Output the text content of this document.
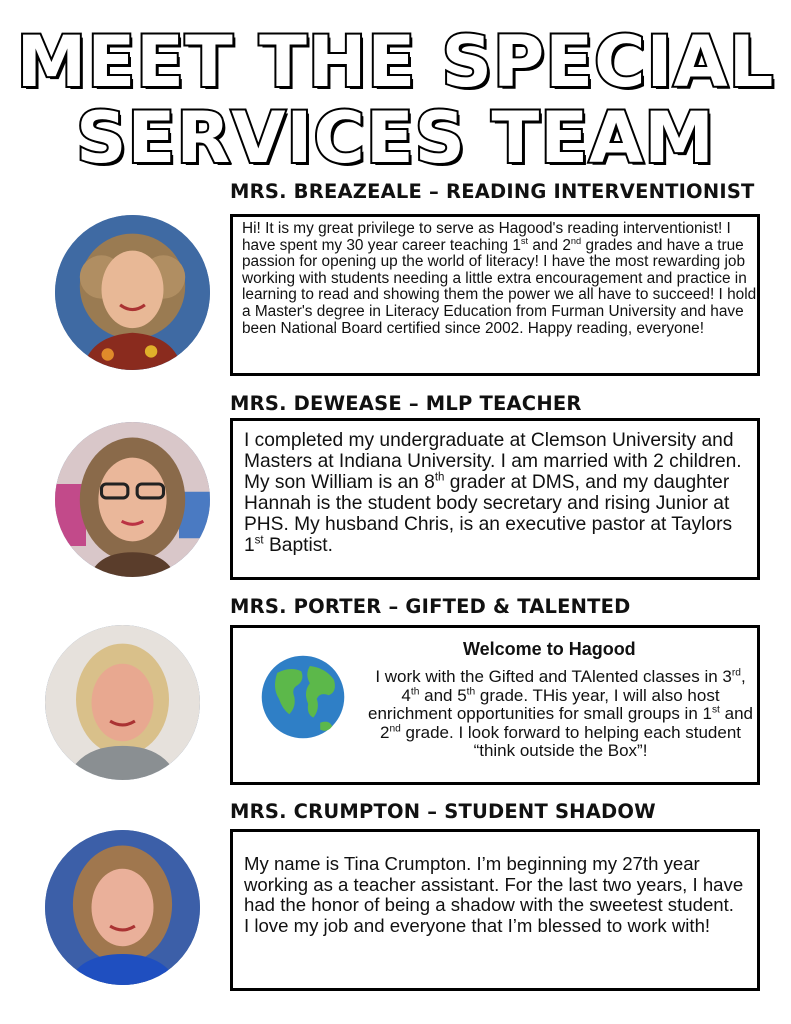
MEET THE SPECIAL
SERVICES TEAM
MRS. BREAZEALE – READING INTERVENTIONIST
Hi! It is my great privilege to serve as Hagood's reading interventionist! I have spent my 30 year career teaching 1st and 2nd grades and have a true passion for opening up the world of literacy! I have the most rewarding job working with students needing a little extra encouragement and practice in learning to read and showing them the power we all have to succeed! I hold a Master's degree in Literacy Education from Furman University and have been National Board certified since 2002. Happy reading, everyone!
MRS. DEWEASE – MLP TEACHER
I completed my undergraduate at Clemson University and Masters at Indiana University. I am married with 2 children. My son William is an 8th grader at DMS, and my daughter Hannah is the student body secretary and rising Junior at PHS. My husband Chris, is an executive pastor at Taylors 1st Baptist.
MRS. PORTER – GIFTED & TALENTED
Welcome to Hagood
I work with the Gifted and TAlented classes in 3rd, 4th and 5th grade. THis year, I will also host enrichment opportunities for small groups in 1st and 2nd grade. I look forward to helping each student “think outside the Box”!
MRS. CRUMPTON – STUDENT SHADOW
My name is Tina Crumpton. I’m beginning my 27th year working as a teacher assistant. For the last two years, I have had the honor of being a shadow with the sweetest student. I love my job and everyone that I’m blessed to work with!
